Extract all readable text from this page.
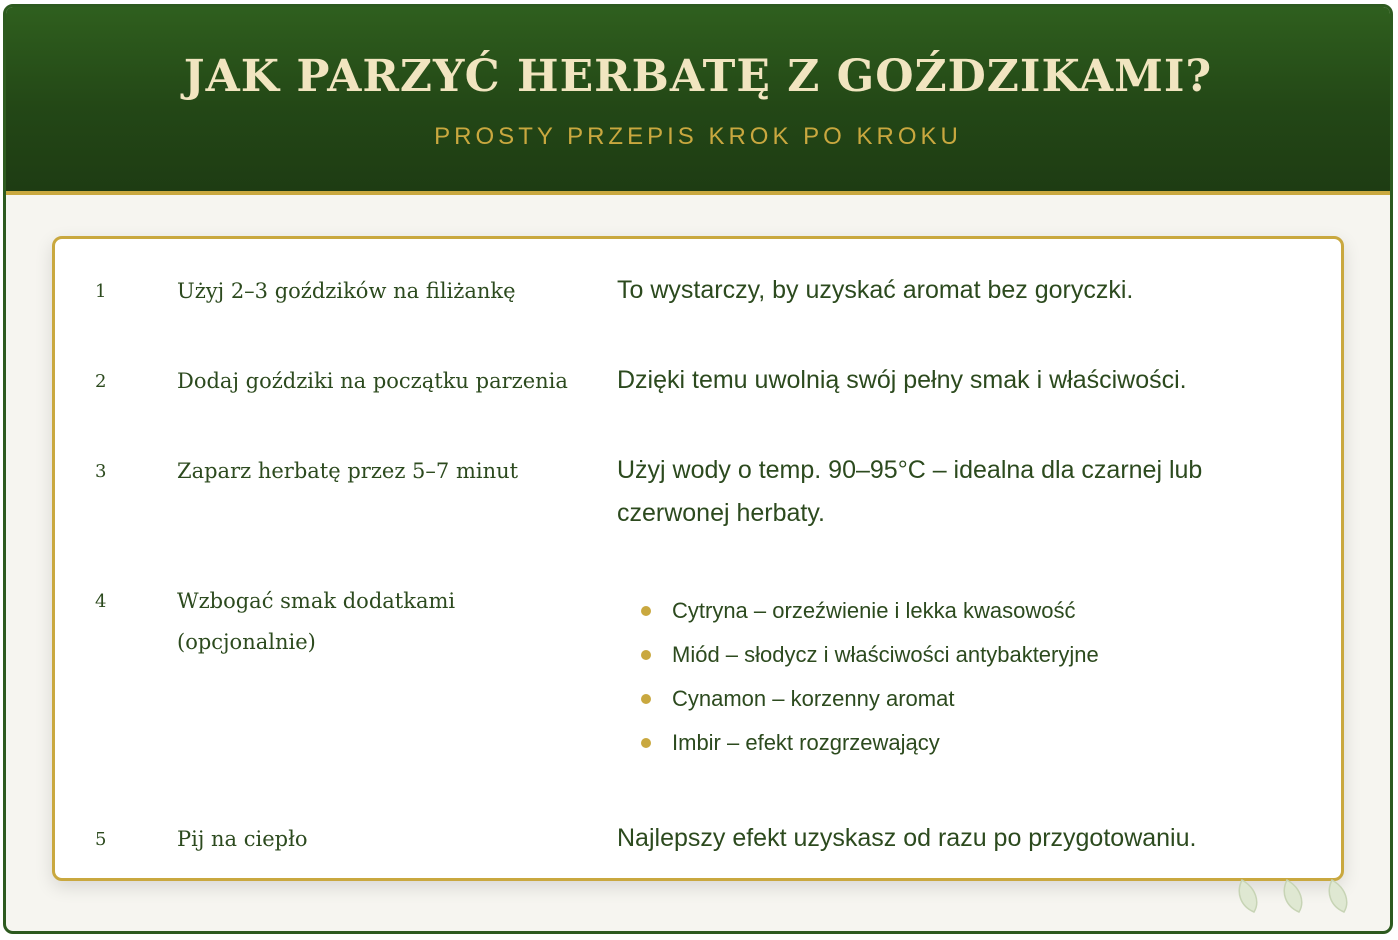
JAK PARZYĆ HERBATĘ Z GOŹDZIKAMI?
PROSTY PRZEPIS KROK PO KROKU
1	Użyj 2–3 goździków na filiżankę	To wystarczy, by uzyskać aromat bez goryczki.
2	Dodaj goździki na początku parzenia	Dzięki temu uwolnią swój pełny smak i właściwości.
3	Zaparz herbatę przez 5–7 minut	Użyj wody o temp. 90–95°C – idealna dla czarnej lub czerwonej herbaty.
4	Wzbogać smak dodatkami (opcjonalnie)
Cytryna – orzeźwienie i lekka kwasowość
Miód – słodycz i właściwości antybakteryjne
Cynamon – korzenny aromat
Imbir – efekt rozgrzewający
5	Pij na ciepło	Najlepszy efekt uzyskasz od razu po przygotowaniu.
